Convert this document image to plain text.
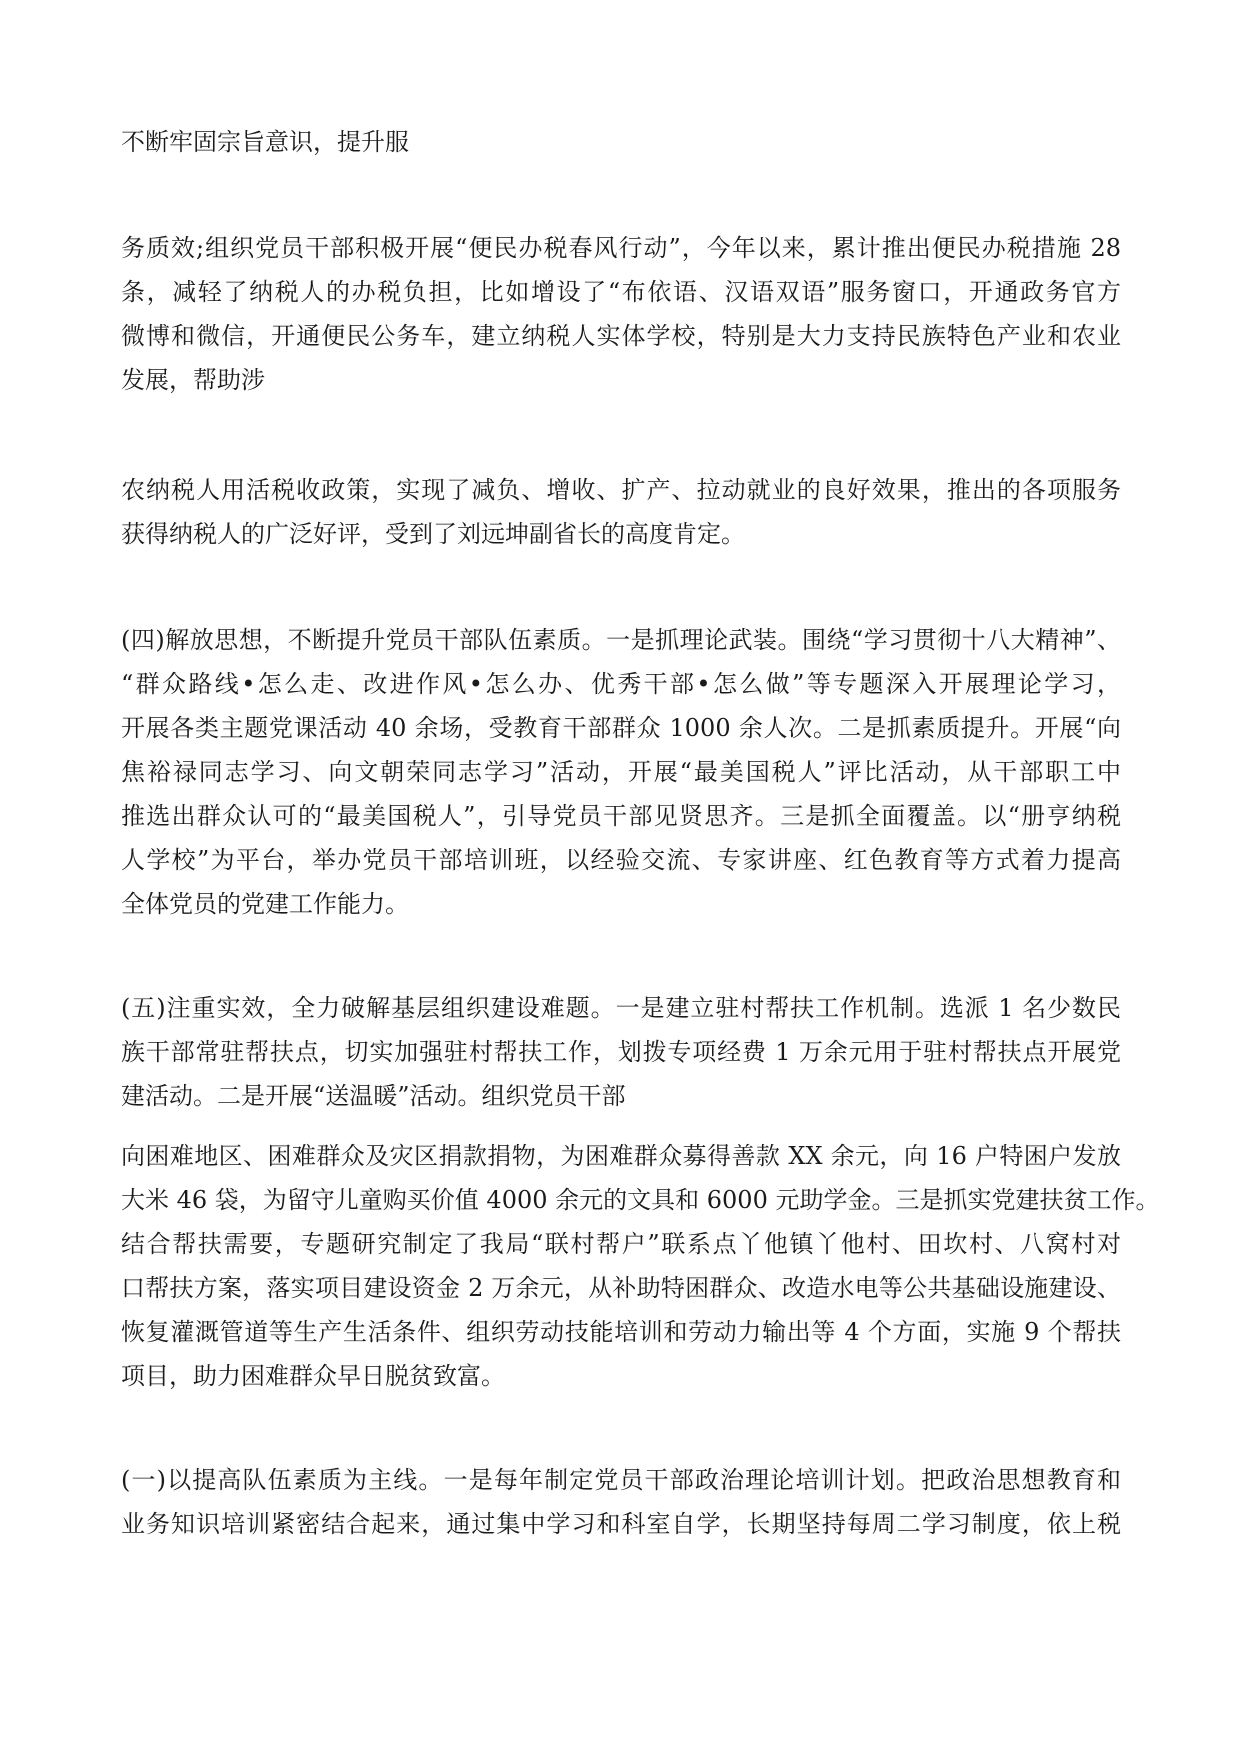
不断牢固宗旨意识，提升服
务质效;组织党员干部积极开展“便民办税春风行动”，今年以来，累计推出便民办税措施 28
条，减轻了纳税人的办税负担，比如增设了“布依语、汉语双语”服务窗口，开通政务官方
微博和微信，开通便民公务车，建立纳税人实体学校，特别是大力支持民族特色产业和农业
发展，帮助涉
农纳税人用活税收政策，实现了减负、增收、扩产、拉动就业的良好效果，推出的各项服务
获得纳税人的广泛好评，受到了刘远坤副省长的高度肯定。
(四)解放思想，不断提升党员干部队伍素质。一是抓理论武装。围绕“学习贯彻十八大精神”、
“群众路线•怎么走、改进作风•怎么办、优秀干部•怎么做”等专题深入开展理论学习，
开展各类主题党课活动 40 余场，受教育干部群众 1000 余人次。二是抓素质提升。开展“向
焦裕禄同志学习、向文朝荣同志学习”活动，开展“最美国税人”评比活动，从干部职工中
推选出群众认可的“最美国税人”，引导党员干部见贤思齐。三是抓全面覆盖。以“册亨纳税
人学校”为平台，举办党员干部培训班，以经验交流、专家讲座、红色教育等方式着力提高
全体党员的党建工作能力。
(五)注重实效，全力破解基层组织建设难题。一是建立驻村帮扶工作机制。选派 1 名少数民
族干部常驻帮扶点，切实加强驻村帮扶工作，划拨专项经费 1 万余元用于驻村帮扶点开展党
建活动。二是开展“送温暖”活动。组织党员干部
向困难地区、困难群众及灾区捐款捐物，为困难群众募得善款 XX 余元，向 16 户特困户发放
大米 46 袋，为留守儿童购买价值 4000 余元的文具和 6000 元助学金。三是抓实党建扶贫工作。
结合帮扶需要，专题研究制定了我局“联村帮户”联系点丫他镇丫他村、田坎村、八窝村对
口帮扶方案，落实项目建设资金 2 万余元，从补助特困群众、改造水电等公共基础设施建设、
恢复灌溉管道等生产生活条件、组织劳动技能培训和劳动力输出等 4 个方面，实施 9 个帮扶
项目，助力困难群众早日脱贫致富。
(一)以提高队伍素质为主线。一是每年制定党员干部政治理论培训计划。把政治思想教育和
业务知识培训紧密结合起来，通过集中学习和科室自学，长期坚持每周二学习制度，依上税
